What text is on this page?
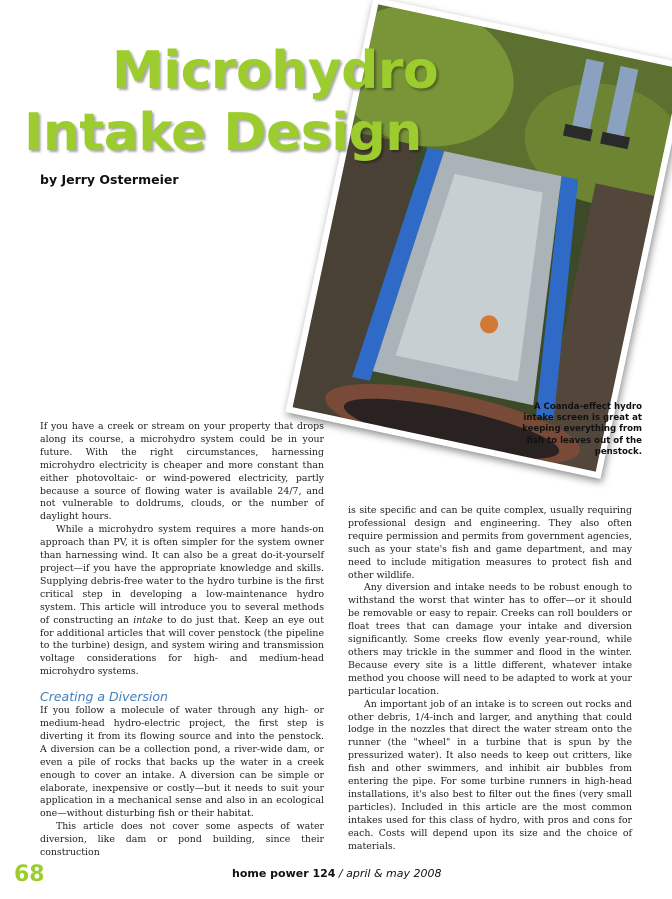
Microhydro
Intake Design

by Jerry Ostermeier

A Coanda-effect hydro intake screen is great at keeping everything from fish to leaves out of the penstock.

If you have a creek or stream on your property that drops along its course, a microhydro system could be in your future. With the right circumstances, harnessing microhydro electricity is cheaper and more constant than either photovoltaic- or wind-powered electricity, partly because a source of flowing water is available 24/7, and not vulnerable to doldrums, clouds, or the number of daylight hours.

While a microhydro system requires a more hands-on approach than PV, it is often simpler for the system owner than harnessing wind. It can also be a great do-it-yourself project—if you have the appropriate knowledge and skills. Supplying debris-free water to the hydro turbine is the first critical step in developing a low-maintenance hydro system. This article will introduce you to several methods of constructing an intake to do just that. Keep an eye out for additional articles that will cover penstock (the pipeline to the turbine) design, and system wiring and transmission voltage considerations for high- and medium-head microhydro systems.

Creating a Diversion

If you follow a molecule of water through any high- or medium-head hydro-electric project, the first step is diverting it from its flowing source and into the penstock. A diversion can be a collection pond, a river-wide dam, or even a pile of rocks that backs up the water in a creek enough to cover an intake. A diversion can be simple or elaborate, inexpensive or costly—but it needs to suit your application in a mechanical sense and also in an ecological one—without disturbing fish or their habitat.

This article does not cover some aspects of water diversion, like dam or pond building, since their construction

is site specific and can be quite complex, usually requiring professional design and engineering. They also often require permission and permits from government agencies, such as your state's fish and game department, and may need to include mitigation measures to protect fish and other wildlife.

Any diversion and intake needs to be robust enough to withstand the worst that winter has to offer—or it should be removable or easy to repair. Creeks can roll boulders or float trees that can damage your intake and diversion significantly. Some creeks flow evenly year-round, while others may trickle in the summer and flood in the winter. Because every site is a little different, whatever intake method you choose will need to be adapted to work at your particular location.

An important job of an intake is to screen out rocks and other debris, 1/4-inch and larger, and anything that could lodge in the nozzles that direct the water stream onto the runner (the "wheel" in a turbine that is spun by the pressurized water). It also needs to keep out critters, like fish and other swimmers, and inhibit air bubbles from entering the pipe. For some turbine runners in high-head installations, it's also best to filter out the fines (very small particles). Included in this article are the most common intakes used for this class of hydro, with pros and cons for each. Costs will depend upon its size and the choice of materials.

68	home power 124 / april & may 2008
